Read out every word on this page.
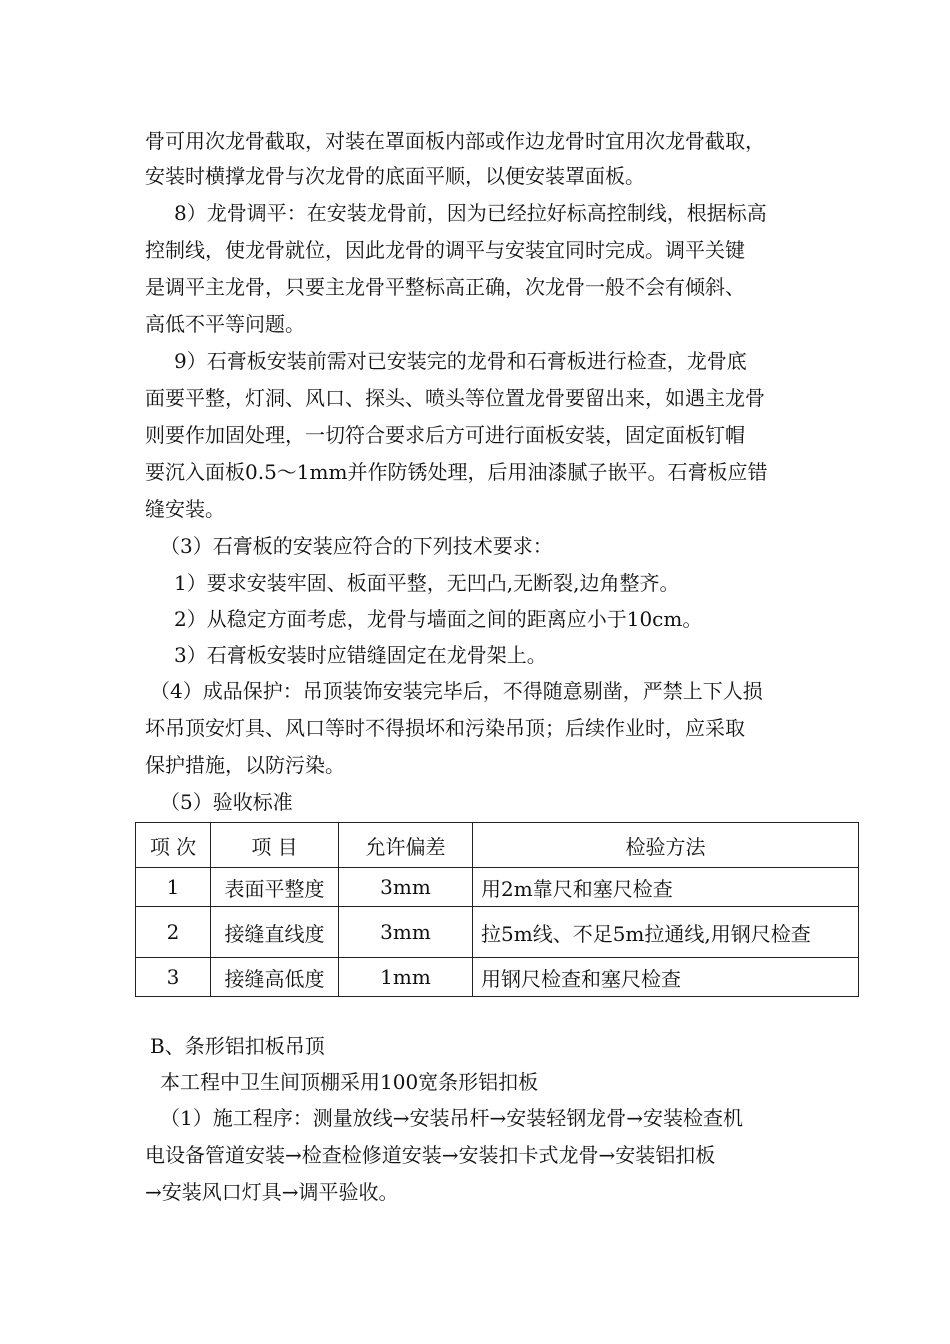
骨可用次龙骨截取，对装在罩面板内部或作边龙骨时宜用次龙骨截取，
安装时横撑龙骨与次龙骨的底面平顺，以便安装罩面板。
8）龙骨调平：在安装龙骨前，因为已经拉好标高控制线，根据标高
控制线，使龙骨就位，因此龙骨的调平与安装宜同时完成。调平关键
是调平主龙骨，只要主龙骨平整标高正确，次龙骨一般不会有倾斜、
高低不平等问题。
9）石膏板安装前需对已安装完的龙骨和石膏板进行检查，龙骨底
面要平整，灯洞、风口、探头、喷头等位置龙骨要留出来，如遇主龙骨
则要作加固处理，一切符合要求后方可进行面板安装，固定面板钉帽
要沉入面板0.5～1mm并作防锈处理，后用油漆腻子嵌平。石膏板应错
缝安装。
（3）石膏板的安装应符合的下列技术要求：
1）要求安装牢固、板面平整，无凹凸,无断裂,边角整齐。
2）从稳定方面考虑，龙骨与墙面之间的距离应小于10cm。
3）石膏板安装时应错缝固定在龙骨架上。
（4）成品保护：吊顶装饰安装完毕后，不得随意剔凿，严禁上下人损
坏吊顶安灯具、风口等时不得损坏和污染吊顶；后续作业时，应采取
保护措施，以防污染。
（5）验收标准
项 次	项 目	允许偏差	检验方法
1	表面平整度	3mm	用2m靠尺和塞尺检查
2	接缝直线度	3mm	拉5m线、不足5m拉通线,用钢尺检查
3	接缝高低度	1mm	用钢尺检查和塞尺检查
B、条形铝扣板吊顶
本工程中卫生间顶棚采用100宽条形铝扣板
（1）施工程序：测量放线→安装吊杆→安装轻钢龙骨→安装检查机
电设备管道安装→检查检修道安装→安装扣卡式龙骨→安装铝扣板
→安装风口灯具→调平验收。
